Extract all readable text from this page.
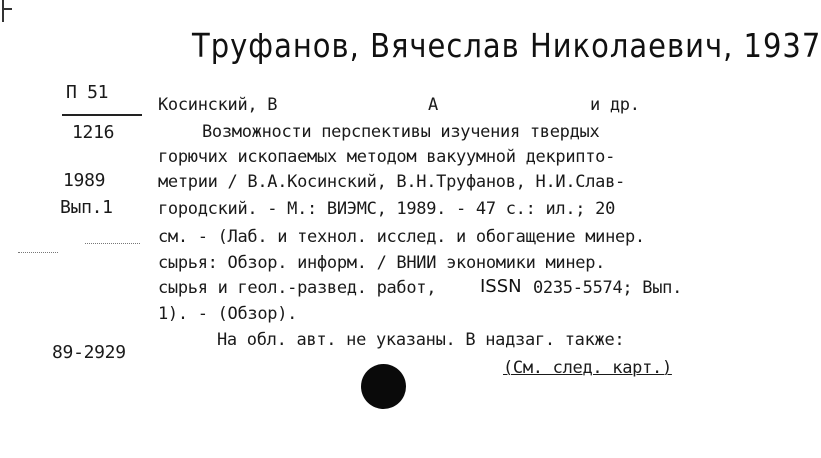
Труфанов, Вячеслав Николаевич, 1937
П 51
1216
1989
Вып.1
Косинский, В	А	и др.
Возможности перспективы изучения твердых
горючих ископаемых методом вакуумной декрипто-
метрии / В.А.Косинский, В.Н.Труфанов, Н.И.Слав-
городский. - М.: ВИЭМС, 1989. - 47 с.: ил.; 20
см. - (Лаб. и технол. исслед. и обогащение минер.
сырья: Обзор. информ. / ВНИИ экономики минер.
сырья и геол.-развед. работ, ISSN 0235-5574; Вып.
1). - (Обзор).
89-2929
На обл. авт. не указаны. В надзаг. также:
(См. след. карт.)
